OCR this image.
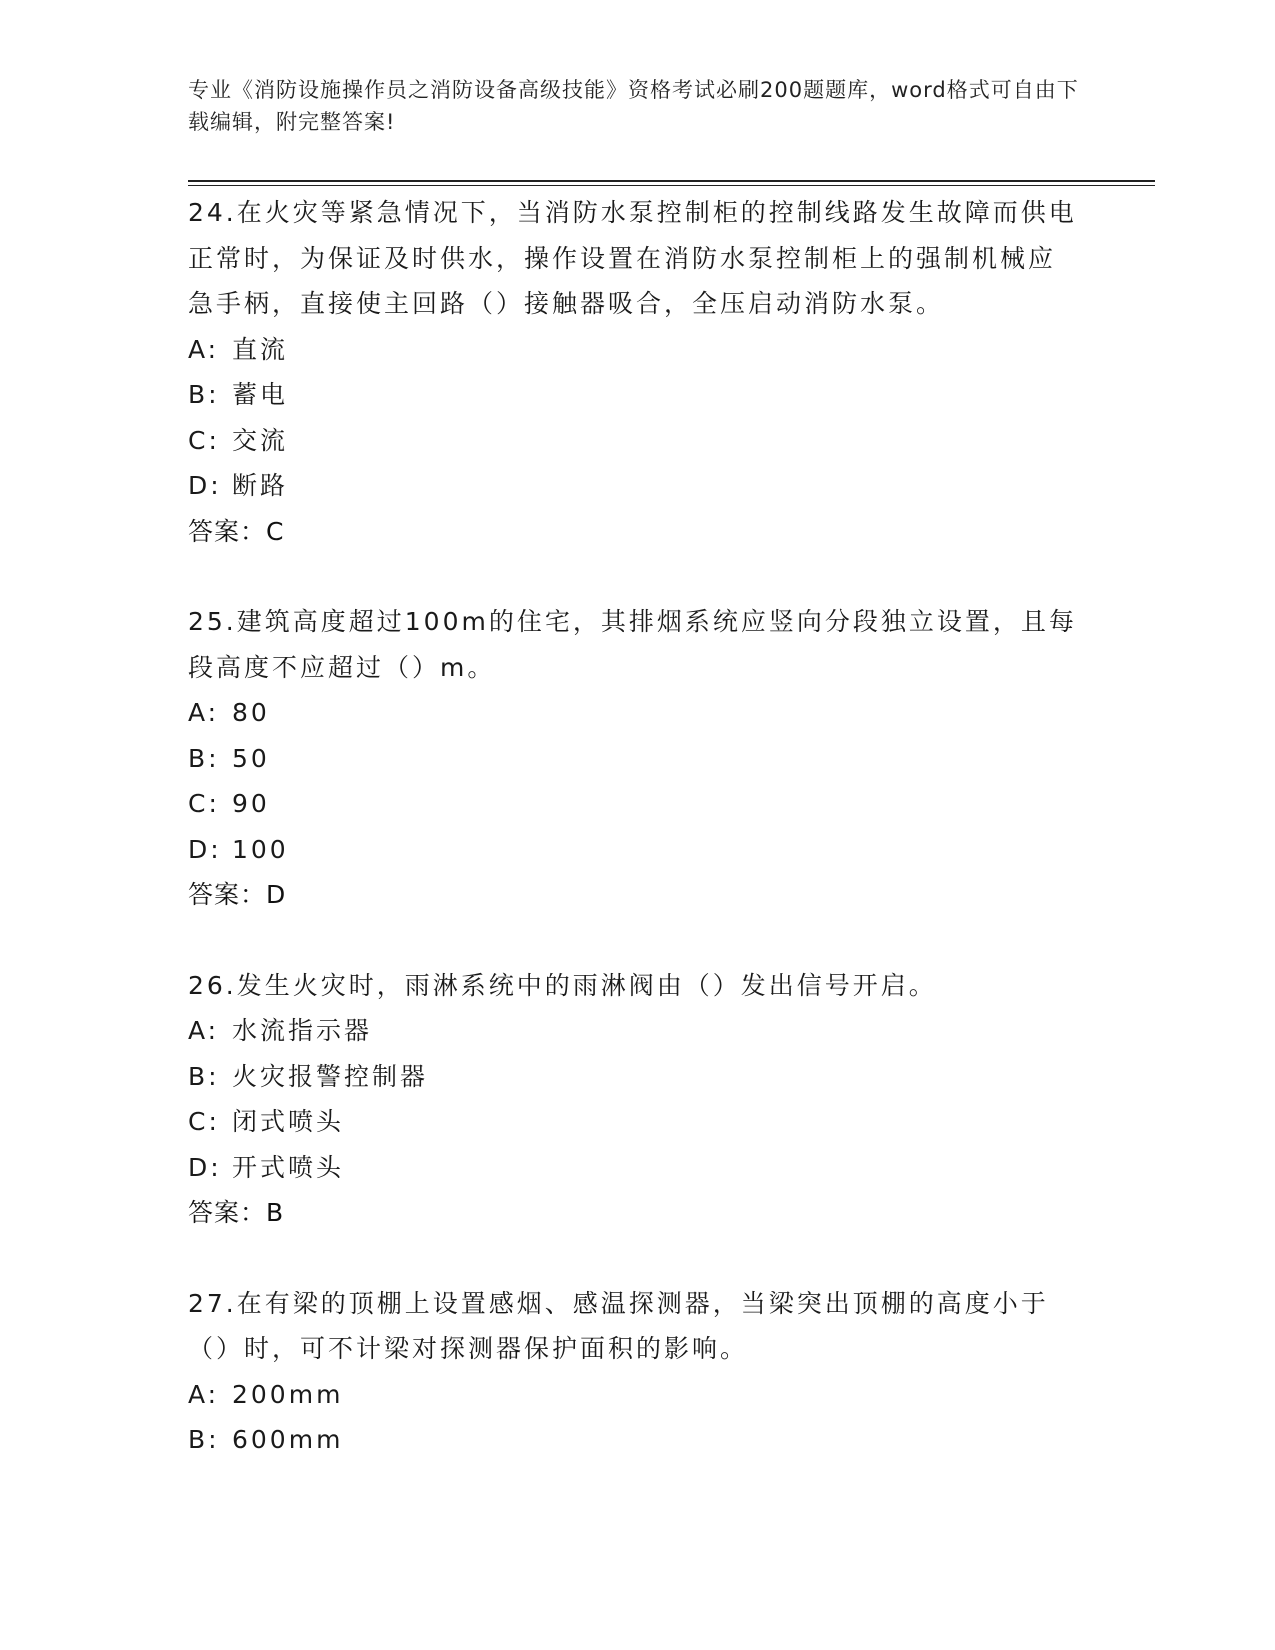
专业《消防设施操作员之消防设备高级技能》资格考试必刷200题题库，word格式可自由下载编辑，附完整答案!
24.在火灾等紧急情况下，当消防水泵控制柜的控制线路发生故障而供电正常时，为保证及时供水，操作设置在消防水泵控制柜上的强制机械应急手柄，直接使主回路（）接触器吸合，全压启动消防水泵。
A: 直流
B: 蓄电
C: 交流
D: 断路
答案：C
25.建筑高度超过100m的住宅，其排烟系统应竖向分段独立设置，且每段高度不应超过（）m。
A: 80
B: 50
C: 90
D: 100
答案：D
26.发生火灾时，雨淋系统中的雨淋阀由（）发出信号开启。
A: 水流指示器
B: 火灾报警控制器
C: 闭式喷头
D: 开式喷头
答案：B
27.在有梁的顶棚上设置感烟、感温探测器，当梁突出顶棚的高度小于（）时，可不计梁对探测器保护面积的影响。
A: 200mm
B: 600mm
